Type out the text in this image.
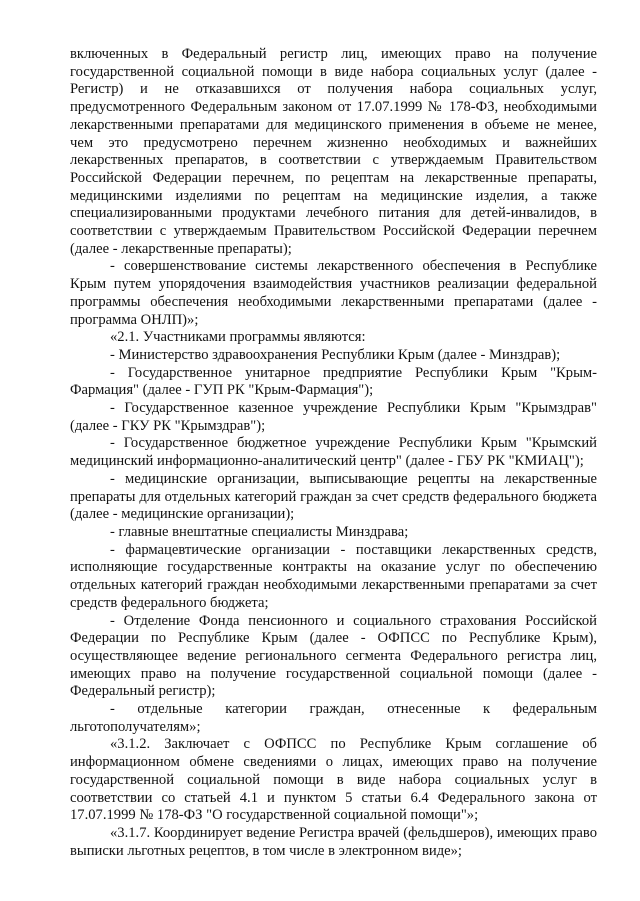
включенных в Федеральный регистр лиц, имеющих право на получение государственной социальной помощи в виде набора социальных услуг (далее - Регистр) и не отказавшихся от получения набора социальных услуг, предусмотренного Федеральным законом от 17.07.1999 № 178-ФЗ, необходимыми лекарственными препаратами для медицинского применения в объеме не менее, чем это предусмотрено перечнем жизненно необходимых и важнейших лекарственных препаратов, в соответствии с утверждаемым Правительством Российской Федерации перечнем, по рецептам на лекарственные препараты, медицинскими изделиями по рецептам на медицинские изделия, а также специализированными продуктами лечебного питания для детей-инвалидов, в соответствии с утверждаемым Правительством Российской Федерации перечнем (далее - лекарственные препараты);

- совершенствование системы лекарственного обеспечения в Республике Крым путем упорядочения взаимодействия участников реализации федеральной программы обеспечения необходимыми лекарственными препаратами (далее - программа ОНЛП)»;

«2.1. Участниками программы являются:

- Министерство здравоохранения Республики Крым (далее - Минздрав);

- Государственное унитарное предприятие Республики Крым "Крым-Фармация" (далее - ГУП РК "Крым-Фармация");

- Государственное казенное учреждение Республики Крым "Крымздрав" (далее - ГКУ РК "Крымздрав");

- Государственное бюджетное учреждение Республики Крым "Крымский медицинский информационно-аналитический центр" (далее - ГБУ РК "КМИАЦ");

- медицинские организации, выписывающие рецепты на лекарственные препараты для отдельных категорий граждан за счет средств федерального бюджета (далее - медицинские организации);

- главные внештатные специалисты Минздрава;

- фармацевтические организации - поставщики лекарственных средств, исполняющие государственные контракты на оказание услуг по обеспечению отдельных категорий граждан необходимыми лекарственными препаратами за счет средств федерального бюджета;

- Отделение Фонда пенсионного и социального страхования Российской Федерации по Республике Крым (далее - ОФПСС по Республике Крым), осуществляющее ведение регионального сегмента Федерального регистра лиц, имеющих право на получение государственной социальной помощи (далее - Федеральный регистр);

- отдельные категории граждан, отнесенные к федеральным льготополучателям»;

«3.1.2. Заключает с ОФПСС по Республике Крым соглашение об информационном обмене сведениями о лицах, имеющих право на получение государственной социальной помощи в виде набора социальных услуг в соответствии со статьей 4.1 и пунктом 5 статьи 6.4 Федерального закона от 17.07.1999 № 178-ФЗ "О государственной социальной помощи"»;

«3.1.7. Координирует ведение Регистра врачей (фельдшеров), имеющих право выписки льготных рецептов, в том числе в электронном виде»;
